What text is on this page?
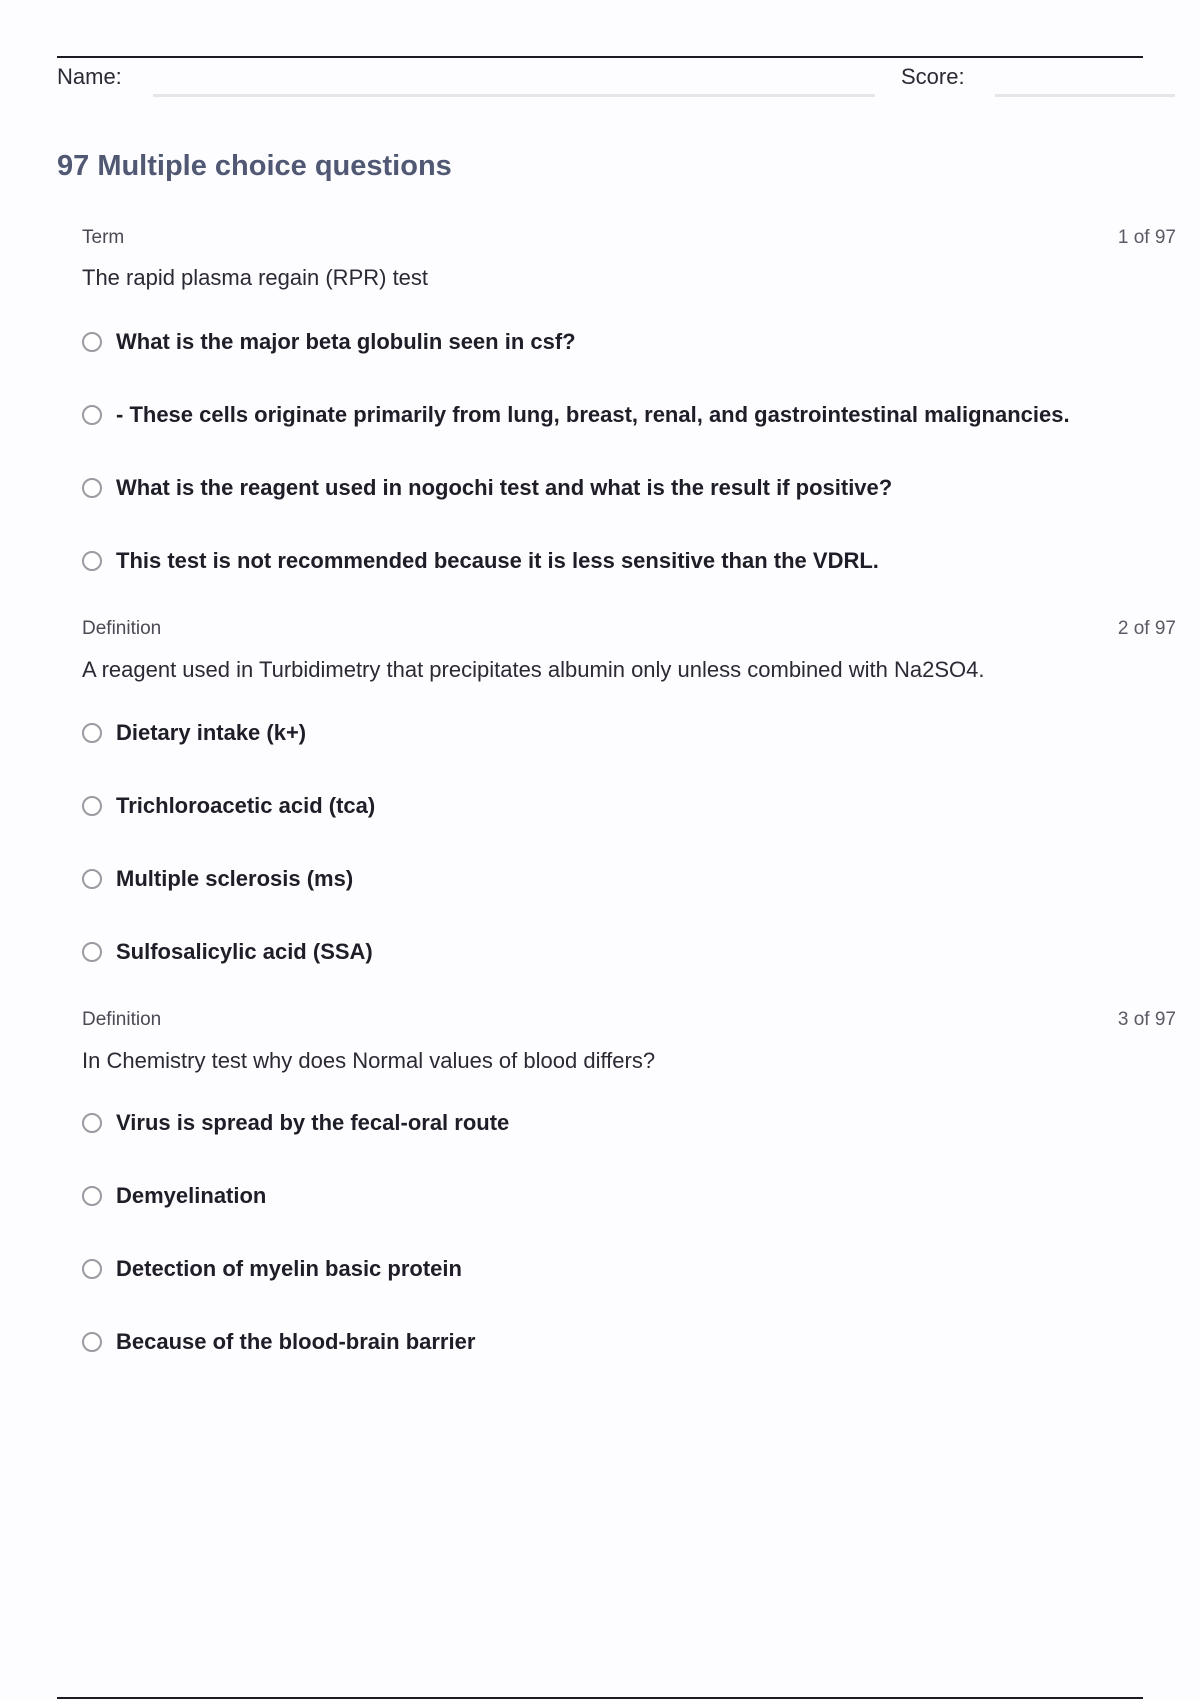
Name:	Score:
97 Multiple choice questions
Term	1 of 97
The rapid plasma regain (RPR) test
What is the major beta globulin seen in csf?
- These cells originate primarily from lung, breast, renal, and gastrointestinal malignancies.
What is the reagent used in nogochi test and what is the result if positive?
This test is not recommended because it is less sensitive than the VDRL.
Definition	2 of 97
A reagent used in Turbidimetry that precipitates albumin only unless combined with Na2SO4.
Dietary intake (k+)
Trichloroacetic acid (tca)
Multiple sclerosis (ms)
Sulfosalicylic acid (SSA)
Definition	3 of 97
In Chemistry test why does Normal values of blood differs?
Virus is spread by the fecal-oral route
Demyelination
Detection of myelin basic protein
Because of the blood-brain barrier
